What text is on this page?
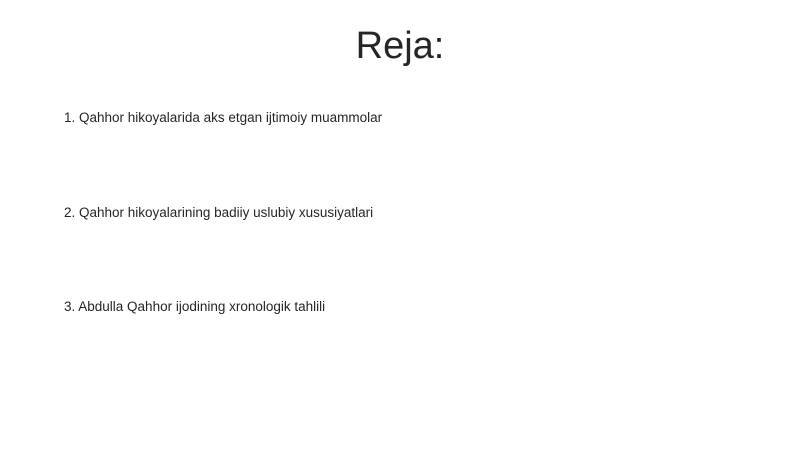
Reja:
1. Qahhor hikoyalarida aks etgan ijtimoiy muammolar
2. Qahhor hikoyalarining badiiy uslubiy xususiyatlari
3. Abdulla Qahhor ijodining xronologik tahlili
